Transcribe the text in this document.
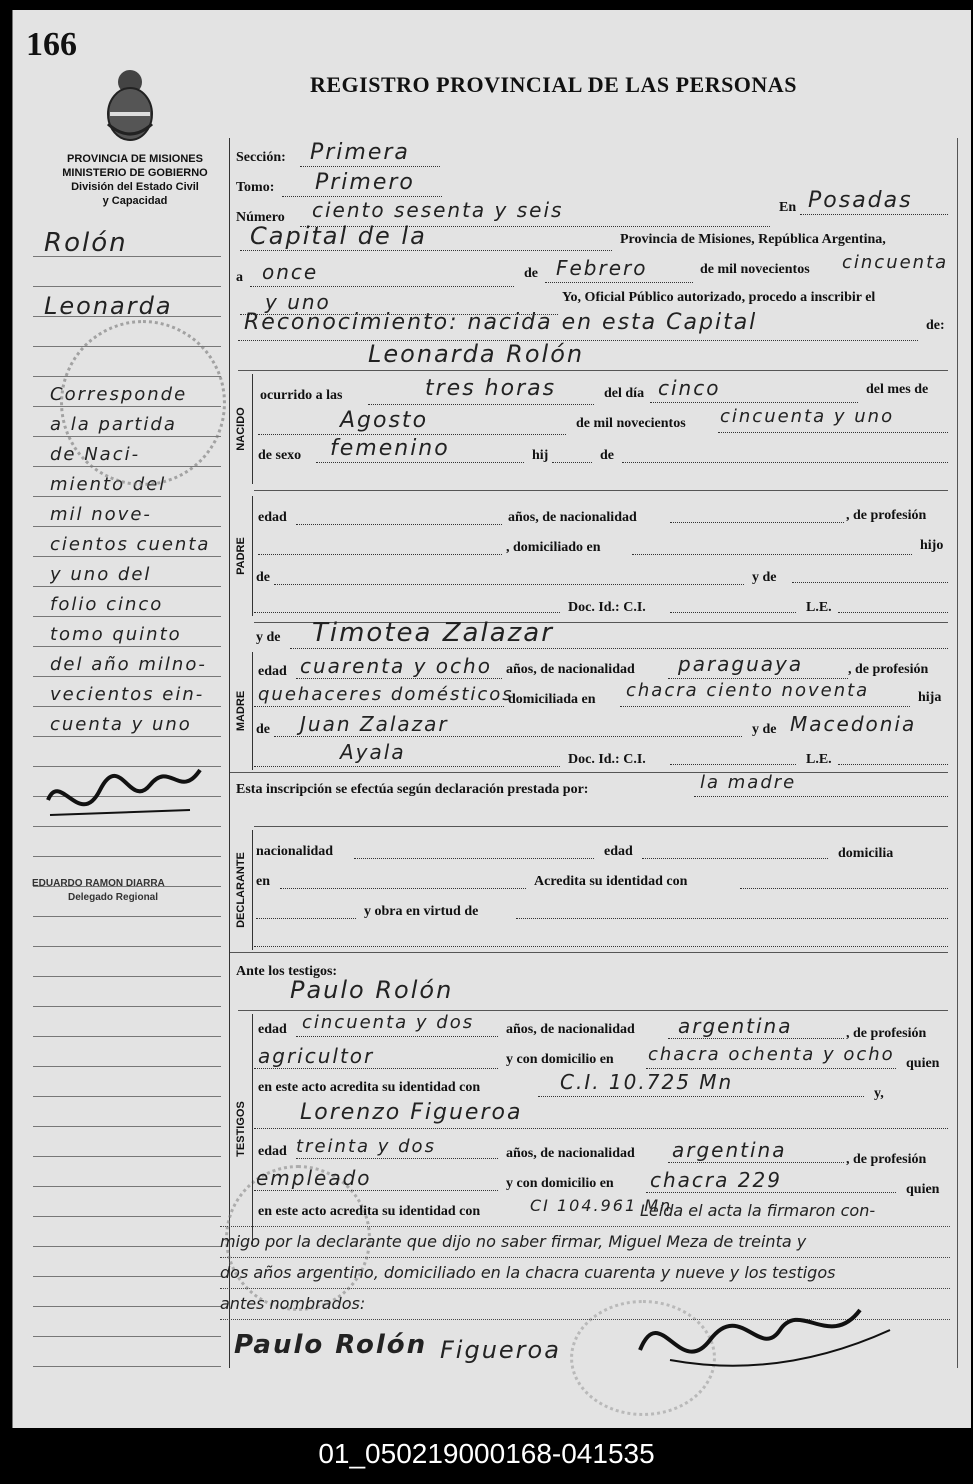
166
REGISTRO PROVINCIAL DE LAS PERSONAS
PROVINCIA DE MISIONES
MINISTERIO DE GOBIERNO
División del Estado Civil
y Capacidad
Rolón
Leonarda
Corresponde
a la partida
de Naci-
miento del
mil nove-
cientos cuenta
y uno del
folio cinco
tomo quinto
del año milno-
vecientos ein-
cuenta y uno
EDUARDO RAMON DIARRA
Delegado Regional
Sección: Primera
Tomo: Primero
Número ciento sesenta y seis	En Posadas
Capital de la	Provincia de Misiones, República Argentina,
a once	de Febrero	de mil novecientos cincuenta
y uno	Yo, Oficial Público autorizado, procedo a inscribir el
Reconocimiento: nacida en esta Capital	de:
Leonarda Rolón
NACIDO
ocurrido a las	tres horas	del día cinco	del mes de
Agosto	de mil novecientos cincuenta y uno
de sexo femenino	hij	de
PADRE
edad	años, de nacionalidad	, de profesión
, domiciliado en	hijo
de	y de
Doc. Id.: C.I.	L.E.
y de Timotea Zalazar
MADRE
edad cuarenta y ocho años, de nacionalidad paraguaya	, de profesión
quehaceres domésticos
domiciliada en chacra ciento noventa	hija
de Juan Zalazar	y de Macedonia
Ayala	Doc. Id.: C.I.	L.E.
Esta inscripción se efectúa según declaración prestada por:	la madre
DECLARANTE
nacionalidad	edad	domicilia
en	Acredita su identidad con
y obra en virtud de
Ante los testigos:
Paulo Rolón
TESTIGOS
edad cincuenta y dos años, de nacionalidad argentina	, de profesión
agricultor	y con domicilio en chacra ochenta y ocho quien
en este acto acredita su identidad con	C.I. 10.725 Mn	y,
Lorenzo Figueroa
edad treinta y dos	años, de nacionalidad argentina	, de profesión
empleado	y con domicilio en chacra 229	quien
en este acto acredita su identidad con	CI 104.961 Mn
Leída el acta la firmaron con-
migo por la declarante que dijo no saber firmar, Miguel Meza de treinta y
dos años argentino, domiciliado en la chacra cuarenta y nueve y los testigos
antes nombrados:
Paulo Rolón Figueroa
01_050219000168-041535
